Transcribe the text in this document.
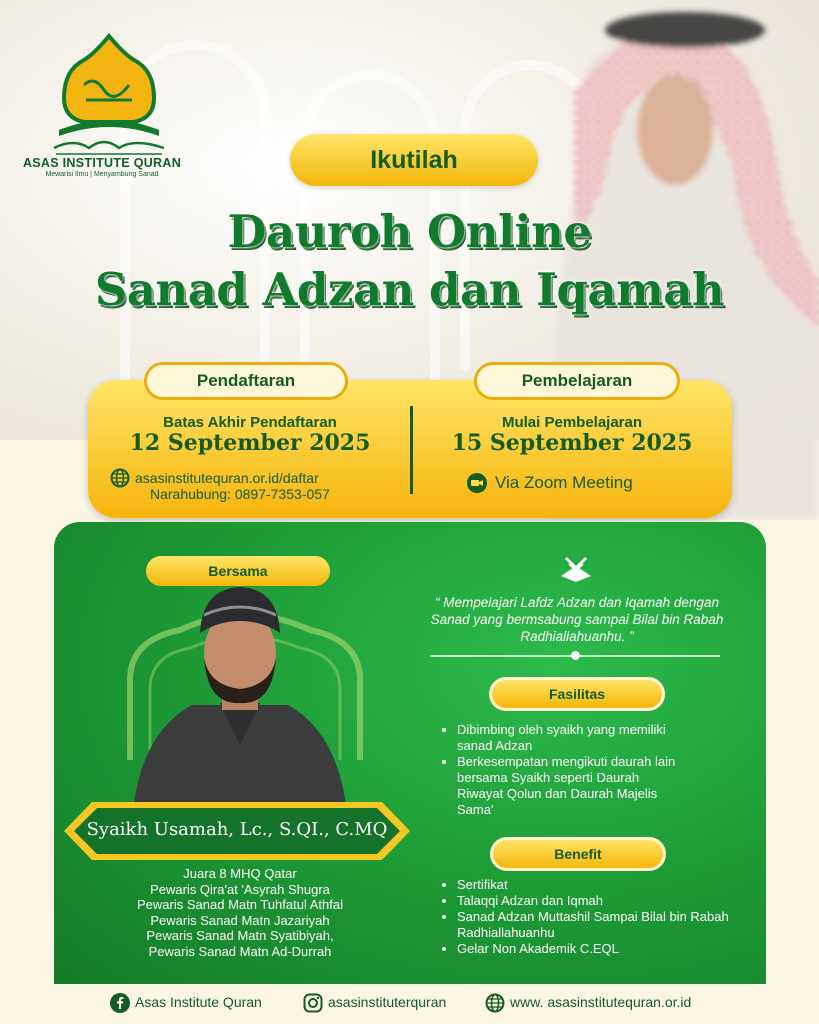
ASAS INSTITUTE QURAN
Mewarisi Ilmu | Menyambung Sanad
Ikutilah
Dauroh Online
Sanad Adzan dan Iqamah
Pendaftaran	Pembelajaran
Batas Akhir Pendaftaran
12 September 2025
asasinstitutequran.or.id/daftar
Narahubung: 0897-7353-057
Mulai Pembelajaran
15 September 2025
Via Zoom Meeting
Bersama
Syaikh Usamah, Lc., S.QI., C.MQ
Juara 8 MHQ Qatar
Pewaris Qira'at 'Asyrah Shugra
Pewaris Sanad Matn Tuhfatul Athfal
Pewaris Sanad Matn Jazariyah
Pewaris Sanad Matn Syatibiyah,
Pewaris Sanad Matn Ad-Durrah
“ Mempelajari Lafdz Adzan dan Iqamah dengan Sanad yang bermsabung sampai Bilal bin Rabah Radhiallahuanhu. ”
Fasilitas
• Dibimbing oleh syaikh yang memiliki sanad Adzan
• Berkesempatan mengikuti daurah lain bersama Syaikh seperti Daurah Riwayat Qolun dan Daurah Majelis Sama'
Benefit
• Sertifikat
• Talaqqi Adzan dan Iqmah
• Sanad Adzan Muttashil Sampai Bilal bin Rabah Radhiallahuanhu
• Gelar Non Akademik C.EQL
Asas Institute Quran	asasinstituterquran	www. asasinstitutequran.or.id
